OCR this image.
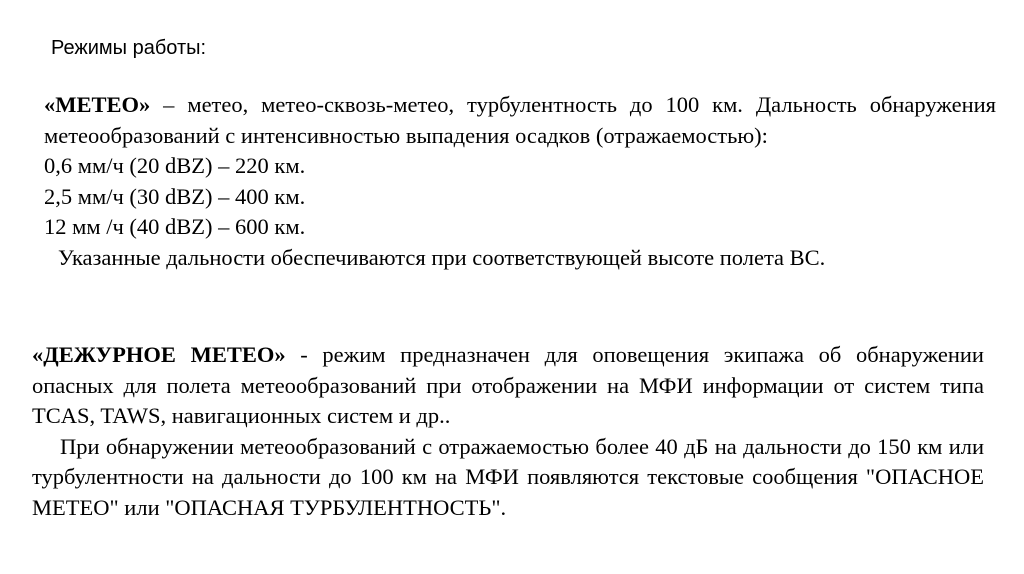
Режимы работы:

«МЕТЕО» – метео, метео-сквозь-метео, турбулентность до 100 км. Дальность обнаружения метеообразований с интенсивностью выпадения осадков (отражаемостью):

0,6 мм/ч (20 dBZ) – 220 км.

2,5 мм/ч (30 dBZ) – 400 км.

12 мм /ч (40 dBZ) – 600 км.

Указанные дальности обеспечиваются при соответствующей высоте полета ВС.

«ДЕЖУРНОЕ МЕТЕО» - режим предназначен для оповещения экипажа об обнаружении опасных для полета метеообразований при отображении на МФИ информации от систем типа TCAS, TAWS, навигационных систем и др..

При обнаружении метеообразований с отражаемостью более 40 дБ на дальности до 150 км или турбулентности на дальности до 100 км на МФИ появляются текстовые сообщения "ОПАСНОЕ МЕТЕО" или "ОПАСНАЯ ТУРБУЛЕНТНОСТЬ".
